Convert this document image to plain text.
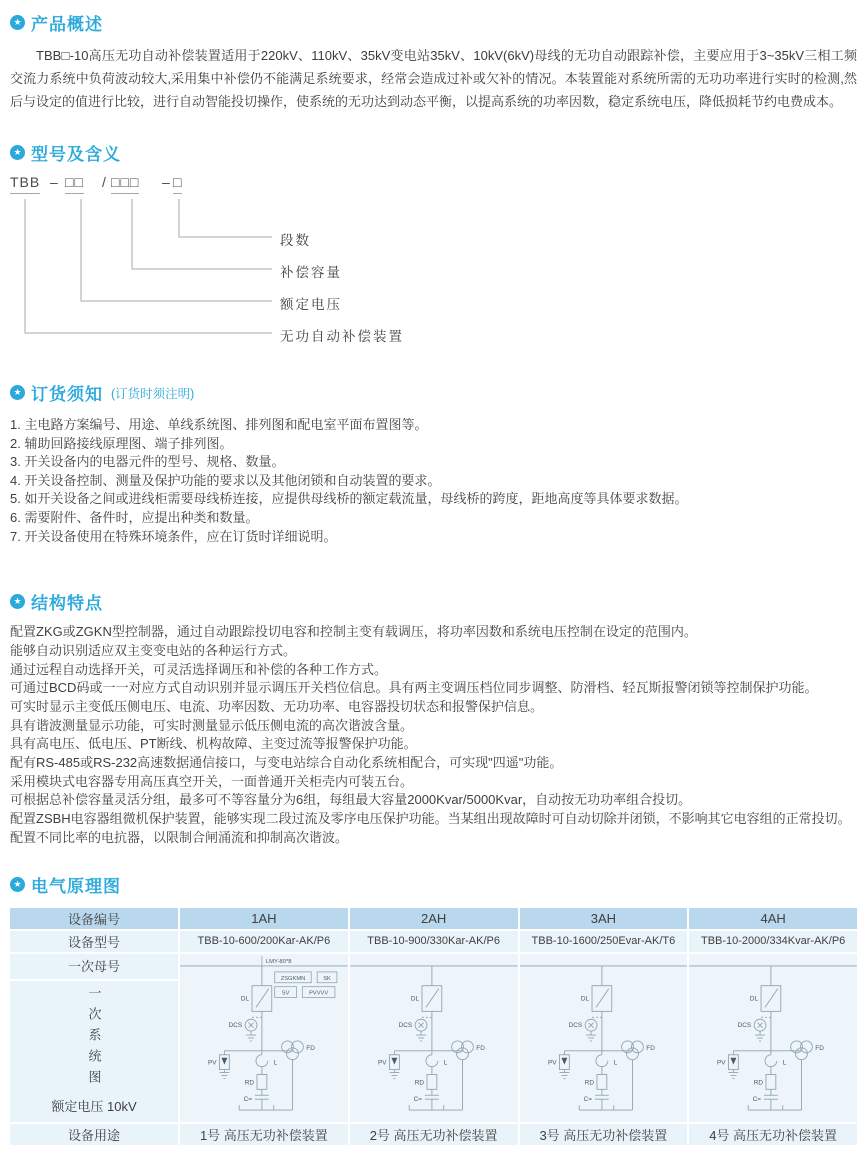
★ 产品概述

TBB□-10高压无功自动补偿装置适用于220kV、110kV、35kV变电站35kV、10kV(6kV)母线的无功自动跟踪补偿，主要应用于3~35kV三相工频交流力系统中负荷波动较大,采用集中补偿仍不能满足系统要求，经常会造成过补或欠补的情况。本装置能对系统所需的无功功率进行实时的检测,然后与设定的值进行比较，进行自动智能投切操作，使系统的无功达到动态平衡，以提高系统的功率因数，稳定系统电压，降低损耗节约电费成本。

★ 型号及含义
TBB – □□ / □□□ – □
段数
补偿容量
额定电压
无功自动补偿装置
★ 订货须知 (订货时须注明)
1. 主电路方案编号、用途、单线系统图、排列图和配电室平面布置图等。
2. 辅助回路接线原理图、端子排列图。
3. 开关设备内的电器元件的型号、规格、数量。
4. 开关设备控制、测量及保护功能的要求以及其他闭锁和自动装置的要求。
5. 如开关设备之间或进线柜需要母线桥连接，应提供母线桥的额定载流量，母线桥的跨度，距地高度等具体要求数据。
6. 需要附件、备件时，应提出种类和数量。
7. 开关设备使用在特殊环境条件，应在订货时详细说明。
★ 结构特点
配置ZKG或ZGKN型控制器，通过自动跟踪投切电容和控制主变有载调压，将功率因数和系统电压控制在设定的范围内。
能够自动识别适应双主变变电站的各种运行方式。
通过远程自动选择开关，可灵活选择调压和补偿的各种工作方式。
可通过BCD码或一一对应方式自动识别并显示调压开关档位信息。具有两主变调压档位同步调整、防滑档、轻瓦斯报警闭锁等控制保护功能。
可实时显示主变低压侧电压、电流、功率因数、无功功率、电容器投切状态和报警保护信息。
具有谐波测量显示功能，可实时测量显示低压侧电流的高次谐波含量。
具有高电压、低电压、PT断线、机构故障、主变过流等报警保护功能。
配有RS-485或RS-232高速数据通信接口，与变电站综合自动化系统相配合，可实现"四遥"功能。
采用模块式电容器专用高压真空开关，一面普通开关柜壳内可装五台。
可根据总补偿容量灵活分组，最多可不等容量分为6组，每组最大容量2000Kvar/5000Kvar，自动按无功功率组合投切。
配置ZSBH电容器组微机保护装置，能够实现二段过流及零序电压保护功能。当某组出现故障时可自动切除并闭锁，不影响其它电容组的正常投切。
配置不同比率的电抗器，以限制合闸涌流和抑制高次谐波。
★ 电气原理图
设备编号	1AH	2AH	3AH	4AH
设备型号	TBB-10-600/200Kar-AK/P6	TBB-10-900/330Kar-AK/P6	TBB-10-1600/250Evar-AK/T6	TBB-10-2000/334Kvar-AK/P6
一次母号
一次系统图
额定电压 10kV
DL
DCS
PV
FD
L
RD
C=
LMY-80*8
ZSGKMN	SK
SV	PVVVV
DL
DCS
PV
FD
L
RD
C=
DL
DCS
PV
FD
L
RD
C=
DL
DCS
PV
FD
L
RD
C=
设备用途	1号 高压无功补偿装置	2号 高压无功补偿装置	3号 高压无功补偿装置	4号 高压无功补偿装置
